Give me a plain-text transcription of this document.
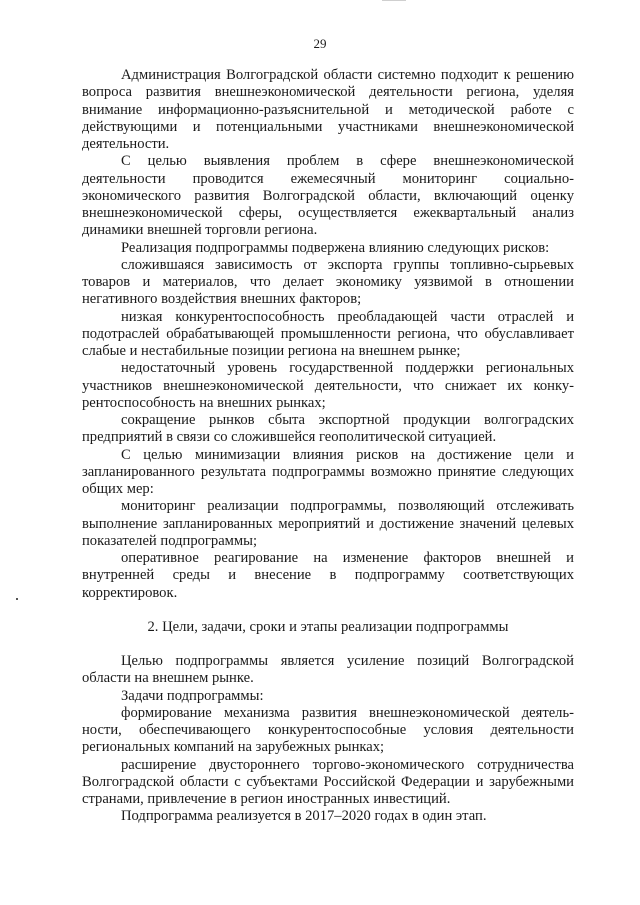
29

Администрация Волгоградской области системно подходит к решению вопроса развития внешнеэкономической деятельности региона, уделяя внимание информационно-разъяснительной и методической работе с действующими и потенциальными участниками внешнеэкономической деятельности.

С целью выявления проблем в сфере внешнеэкономической деятельности проводится ежемесячный мониторинг социально-экономического развития Волгоградской области, включающий оценку внешнеэкономической сферы, осуществляется ежеквартальный анализ динамики внешней торговли региона.

Реализация подпрограммы подвержена влиянию следующих рисков:

сложившаяся зависимость от экспорта группы топливно-сырьевых товаров и материалов, что делает экономику уязвимой в отношении негативного воздействия внешних факторов;

низкая конкурентоспособность преобладающей части отраслей и подотраслей обрабатывающей промышленности региона, что обуславливает слабые и нестабильные позиции региона на внешнем рынке;

недостаточный уровень государственной поддержки региональных участников внешнеэкономической деятельности, что снижает их конкурентоспособность на внешних рынках;

сокращение рынков сбыта экспортной продукции волгоградских предприятий в связи со сложившейся геополитической ситуацией.

С целью минимизации влияния рисков на достижение цели и запланированного результата подпрограммы возможно принятие следующих общих мер:

мониторинг реализации подпрограммы, позволяющий отслеживать выполнение запланированных мероприятий и достижение значений целевых показателей подпрограммы;

оперативное реагирование на изменение факторов внешней и внутренней среды и внесение в подпрограмму соответствующих корректировок.

2. Цели, задачи, сроки и этапы реализации подпрограммы

Целью подпрограммы является усиление позиций Волгоградской области на внешнем рынке.

Задачи подпрограммы:

формирование механизма развития внешнеэкономической деятельности, обеспечивающего конкурентоспособные условия деятельности региональных компаний на зарубежных рынках;

расширение двустороннего торгово-экономического сотрудничества Волгоградской области с субъектами Российской Федерации и зарубежными странами, привлечение в регион иностранных инвестиций.

Подпрограмма реализуется в 2017–2020 годах в один этап.
